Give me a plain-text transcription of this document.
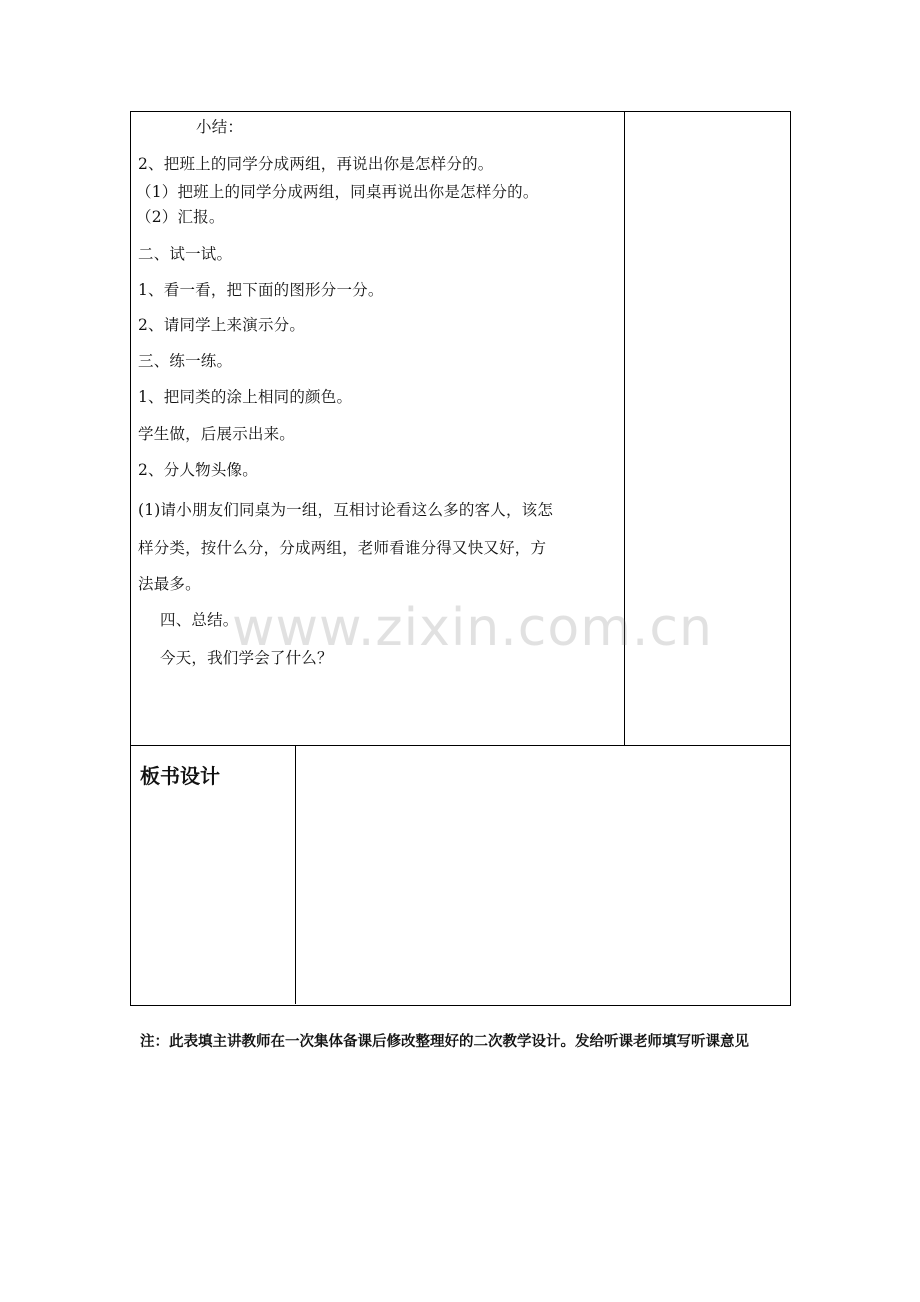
小结：
2、把班上的同学分成两组，再说出你是怎样分的。
（1）把班上的同学分成两组，同桌再说出你是怎样分的。
（2）汇报。
二、试一试。
1、看一看，把下面的图形分一分。
2、请同学上来演示分。
三、练一练。
1、把同类的涂上相同的颜色。
学生做，后展示出来。
2、分人物头像。
(1)请小朋友们同桌为一组，互相讨论看这么多的客人，该怎
样分类，按什么分，分成两组，老师看谁分得又快又好，方
法最多。
四、总结。
今天，我们学会了什么？
www.zixin.com.cn
板书设计
注：此表填主讲教师在一次集体备课后修改整理好的二次教学设计。发给听课老师填写听课意见
